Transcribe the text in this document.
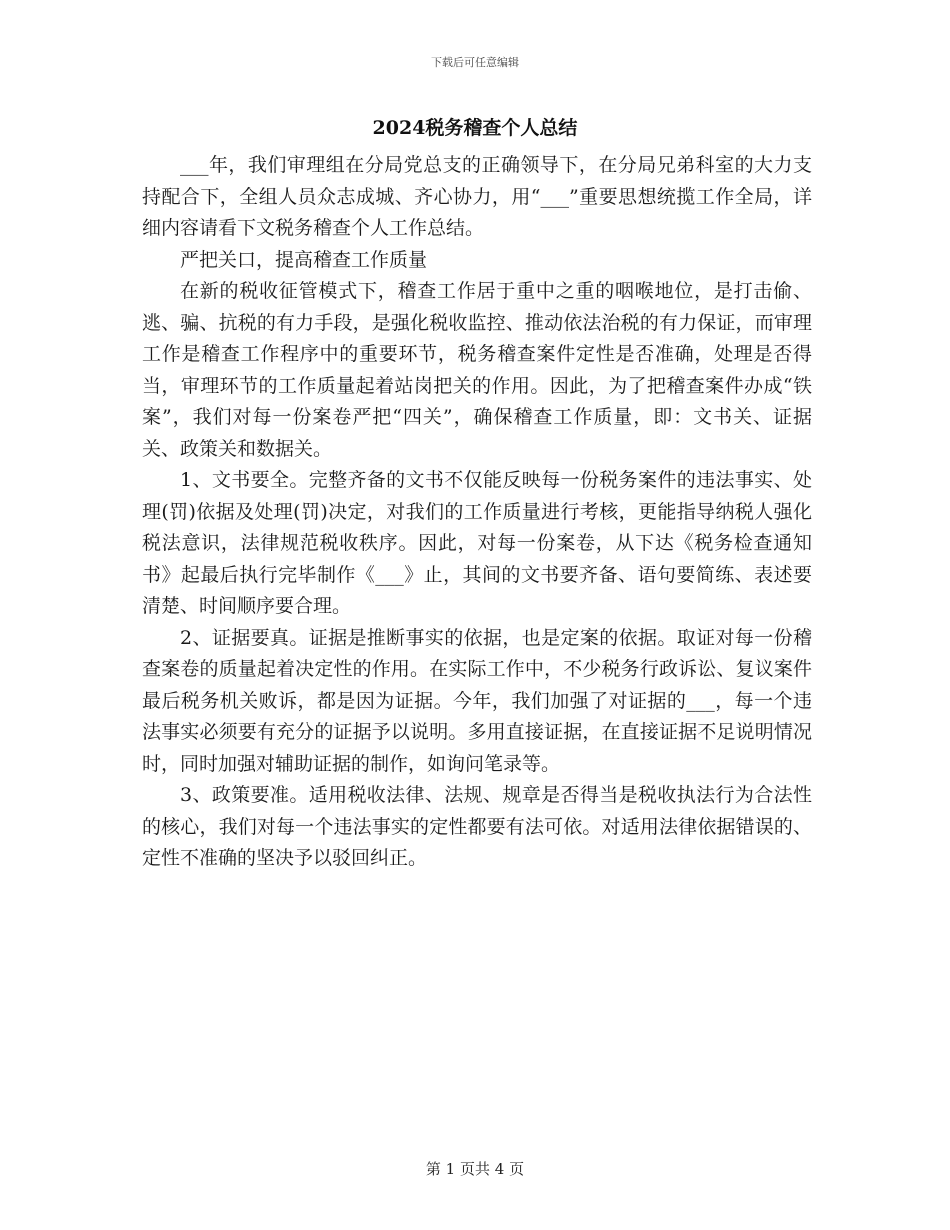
下载后可任意编辑
2024税务稽查个人总结

___年，我们审理组在分局党总支的正确领导下，在分局兄弟科室的大力支持配合下，全组人员众志成城、齐心协力，用“___”重要思想统揽工作全局，详细内容请看下文税务稽查个人工作总结。

严把关口，提高稽查工作质量

在新的税收征管模式下，稽查工作居于重中之重的咽喉地位，是打击偷、逃、骗、抗税的有力手段，是强化税收监控、推动依法治税的有力保证，而审理工作是稽查工作程序中的重要环节，税务稽查案件定性是否准确，处理是否得当，审理环节的工作质量起着站岗把关的作用。因此，为了把稽查案件办成“铁案”，我们对每一份案卷严把“四关”，确保稽查工作质量，即：文书关、证据关、政策关和数据关。

1、文书要全。完整齐备的文书不仅能反映每一份税务案件的违法事实、处理(罚)依据及处理(罚)决定，对我们的工作质量进行考核，更能指导纳税人强化税法意识，法律规范税收秩序。因此，对每一份案卷，从下达《税务检查通知书》起最后执行完毕制作《___》止，其间的文书要齐备、语句要简练、表述要清楚、时间顺序要合理。

2、证据要真。证据是推断事实的依据，也是定案的依据。取证对每一份稽查案卷的质量起着决定性的作用。在实际工作中，不少税务行政诉讼、复议案件最后税务机关败诉，都是因为证据。今年，我们加强了对证据的___，每一个违法事实必须要有充分的证据予以说明。多用直接证据，在直接证据不足说明情况时，同时加强对辅助证据的制作，如询问笔录等。

3、政策要准。适用税收法律、法规、规章是否得当是税收执法行为合法性的核心，我们对每一个违法事实的定性都要有法可依。对适用法律依据错误的、定性不准确的坚决予以驳回纠正。

第 1 页共 4 页
